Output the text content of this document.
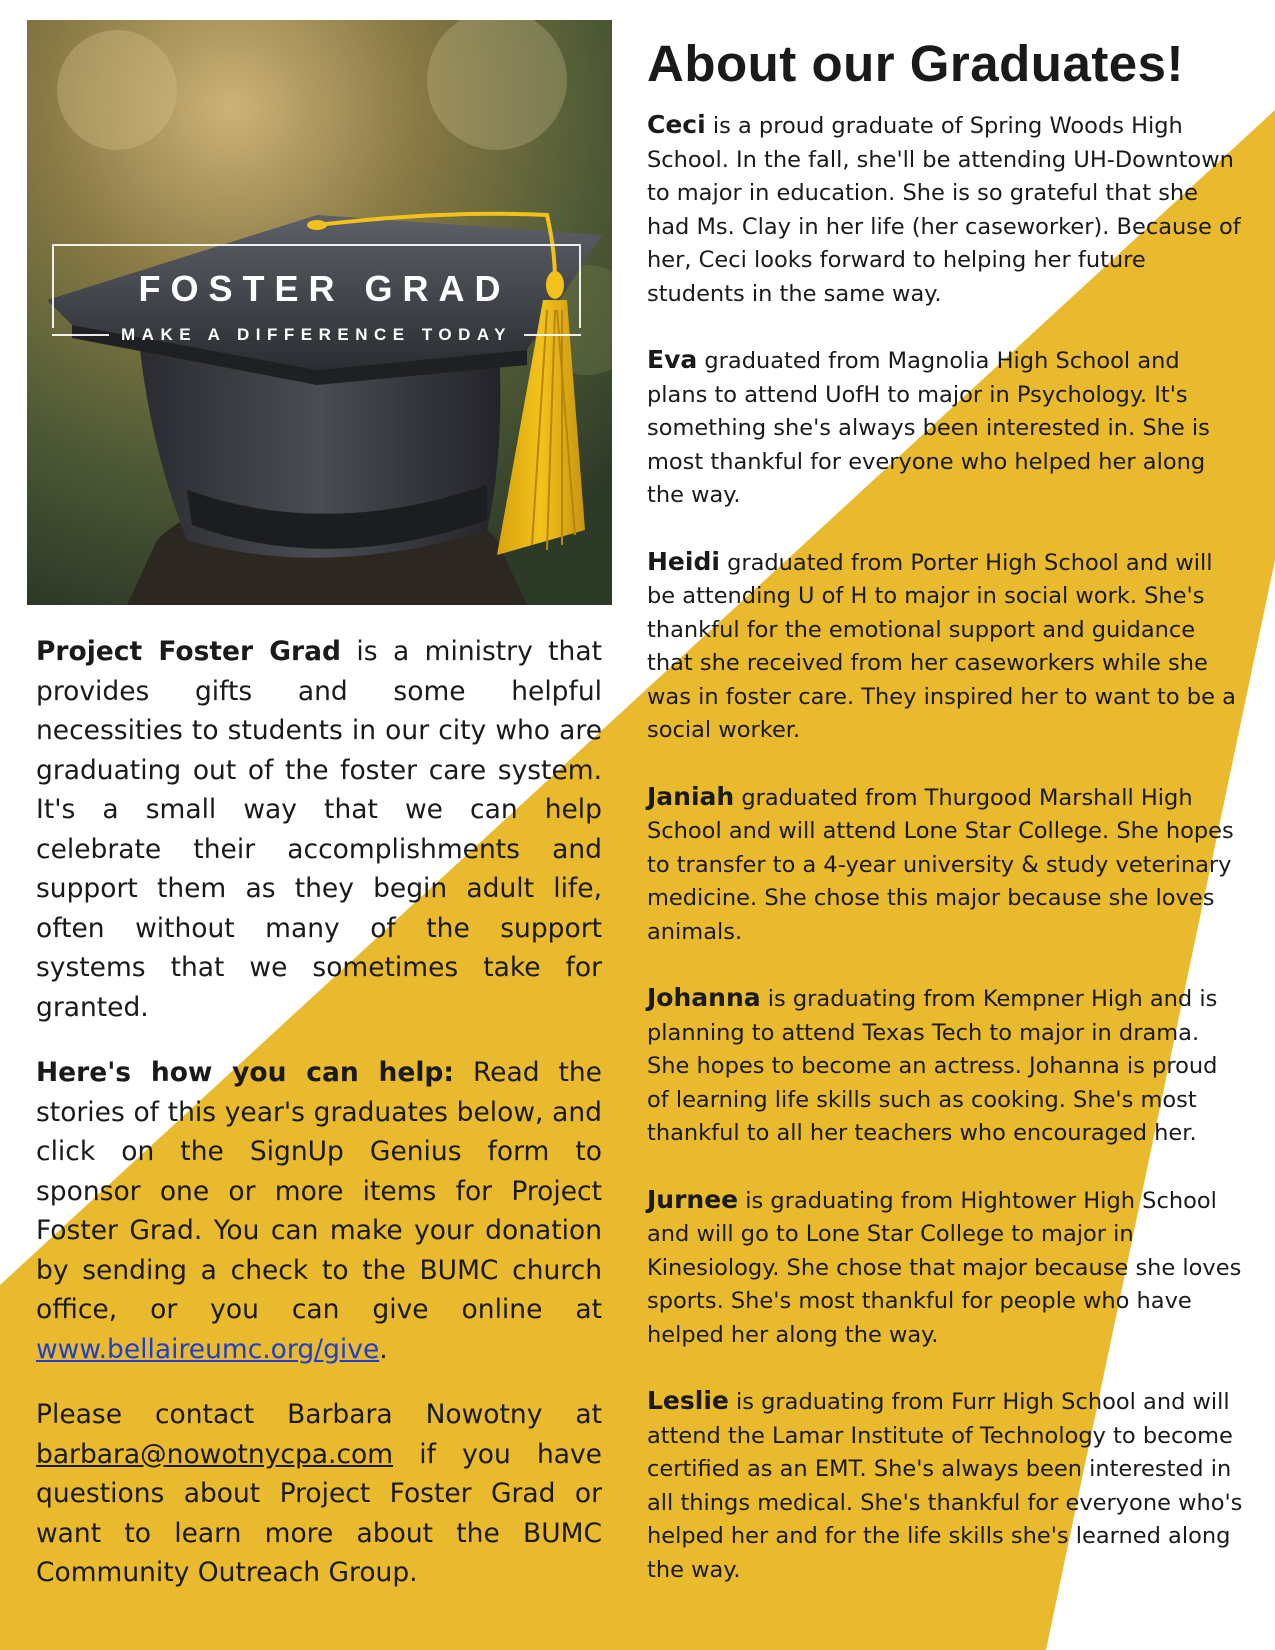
FOSTER GRAD
MAKE A DIFFERENCE TODAY

Project Foster Grad is a ministry that provides gifts and some helpful necessities to students in our city who are graduating out of the foster care system. It's a small way that we can help celebrate their accomplishments and support them as they begin adult life, often without many of the support systems that we sometimes take for granted.

Here's how you can help: Read the stories of this year's graduates below, and click on the SignUp Genius form to sponsor one or more items for Project Foster Grad. You can make your donation by sending a check to the BUMC church office, or you can give online at www.bellaireumc.org/give.

Please contact Barbara Nowotny at barbara@nowotnycpa.com if you have questions about Project Foster Grad or want to learn more about the BUMC Community Outreach Group.

About our Graduates!

Ceci is a proud graduate of Spring Woods High School. In the fall, she'll be attending UH-Downtown to major in education. She is so grateful that she had Ms. Clay in her life (her caseworker). Because of her, Ceci looks forward to helping her future students in the same way.

Eva graduated from Magnolia High School and plans to attend UofH to major in Psychology. It's something she's always been interested in. She is most thankful for everyone who helped her along the way.

Heidi graduated from Porter High School and will be attending U of H to major in social work. She's thankful for the emotional support and guidance that she received from her caseworkers while she was in foster care. They inspired her to want to be a social worker.

Janiah graduated from Thurgood Marshall High School and will attend Lone Star College. She hopes to transfer to a 4-year university & study veterinary medicine. She chose this major because she loves animals.

Johanna is graduating from Kempner High and is planning to attend Texas Tech to major in drama. She hopes to become an actress. Johanna is proud of learning life skills such as cooking. She's most thankful to all her teachers who encouraged her.

Jurnee is graduating from Hightower High School and will go to Lone Star College to major in Kinesiology. She chose that major because she loves sports. She's most thankful for people who have helped her along the way.

Leslie is graduating from Furr High School and will attend the Lamar Institute of Technology to become certified as an EMT. She's always been interested in all things medical. She's thankful for everyone who's helped her and for the life skills she's learned along the way.
